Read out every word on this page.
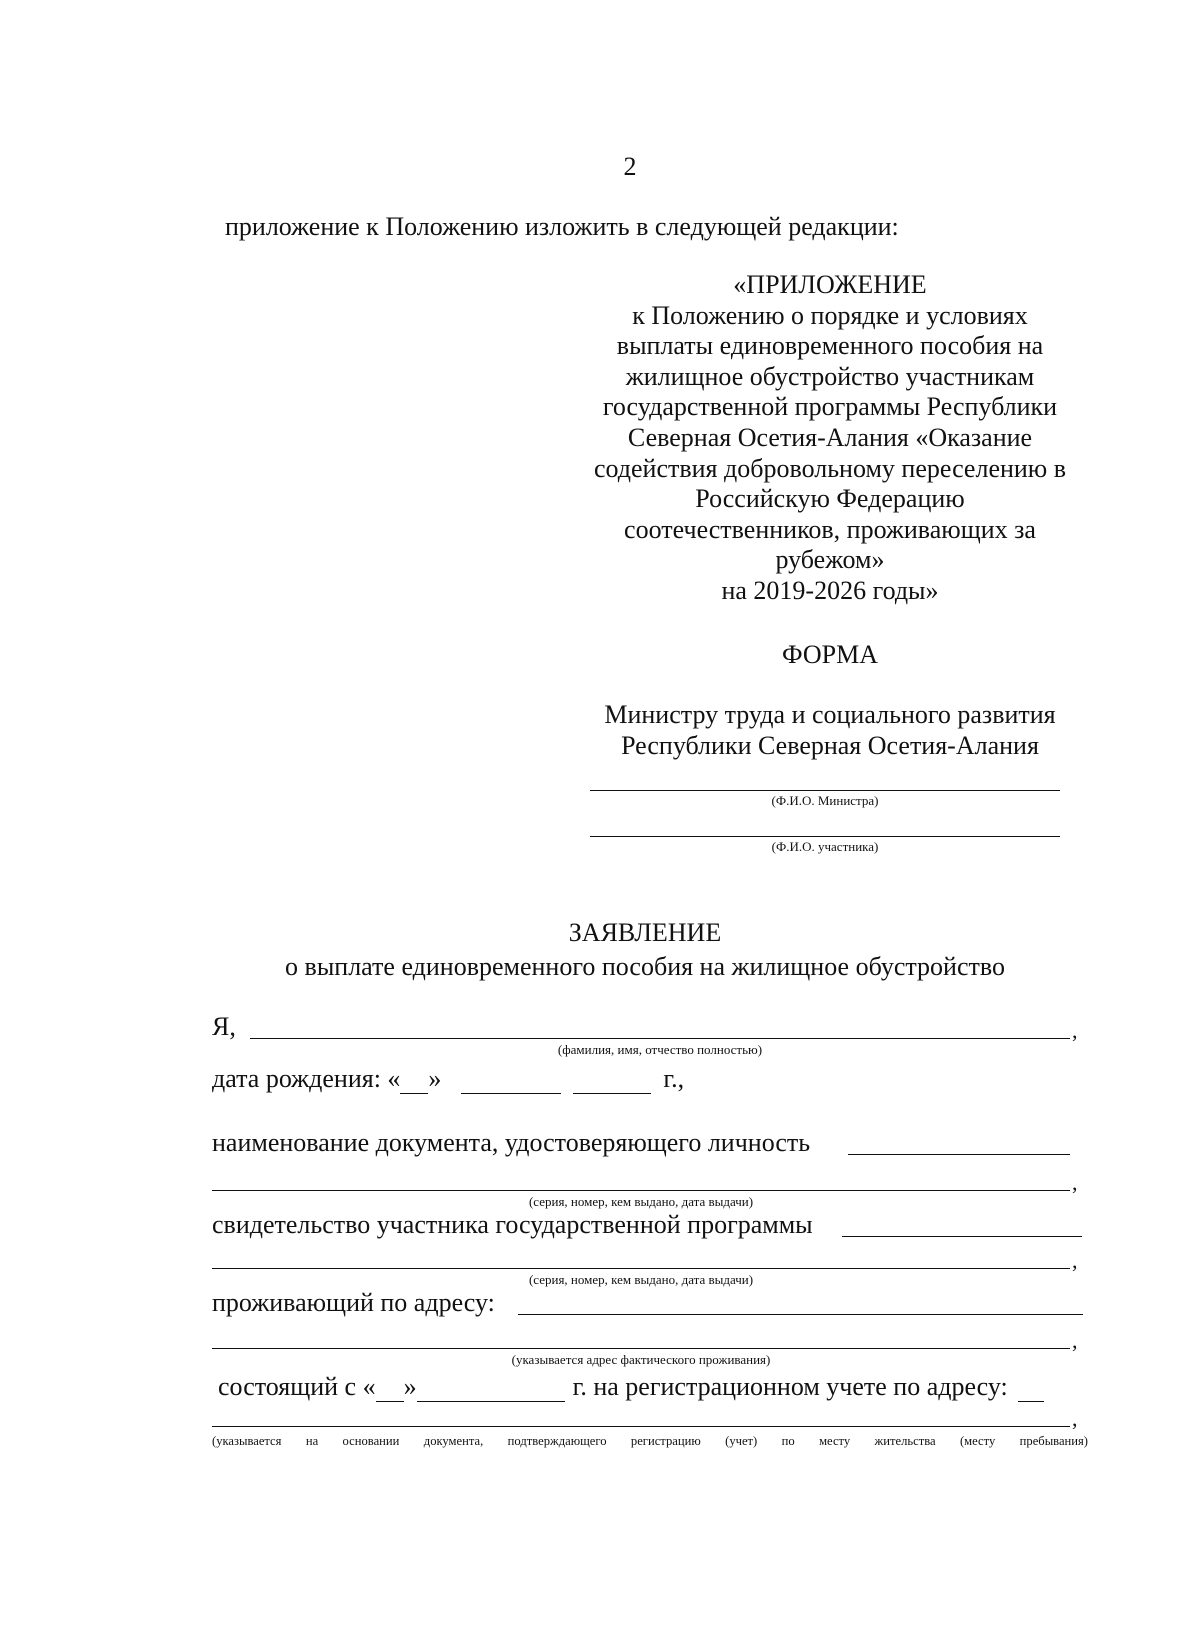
2
приложение к Положению изложить в следующей редакции:
«ПРИЛОЖЕНИЕ
к Положению о порядке и условиях
выплаты единовременного пособия на
жилищное обустройство участникам
государственной программы Республики
Северная Осетия-Алания «Оказание
содействия добровольному переселению в
Российскую Федерацию
соотечественников, проживающих за
рубежом»
на 2019-2026 годы»
ФОРМА
Министру труда и социального развития
Республики Северная Осетия-Алания
(Ф.И.О. Министра)
(Ф.И.О. участника)
ЗАЯВЛЕНИЕ
о выплате единовременного пособия на жилищное обустройство
Я,	,
(фамилия, имя, отчество полностью)
дата рождения: « »	г.,
наименование документа, удостоверяющего личность
,
(серия, номер, кем выдано, дата выдачи)
свидетельство участника государственной программы
,
(серия, номер, кем выдано, дата выдачи)
проживающий по адресу:
,
(указывается адрес фактического проживания)
состоящий с « »	г. на регистрационном учете по адресу:
,
(указывается на основании документа, подтверждающего регистрацию (учет) по месту жительства (месту пребывания)
